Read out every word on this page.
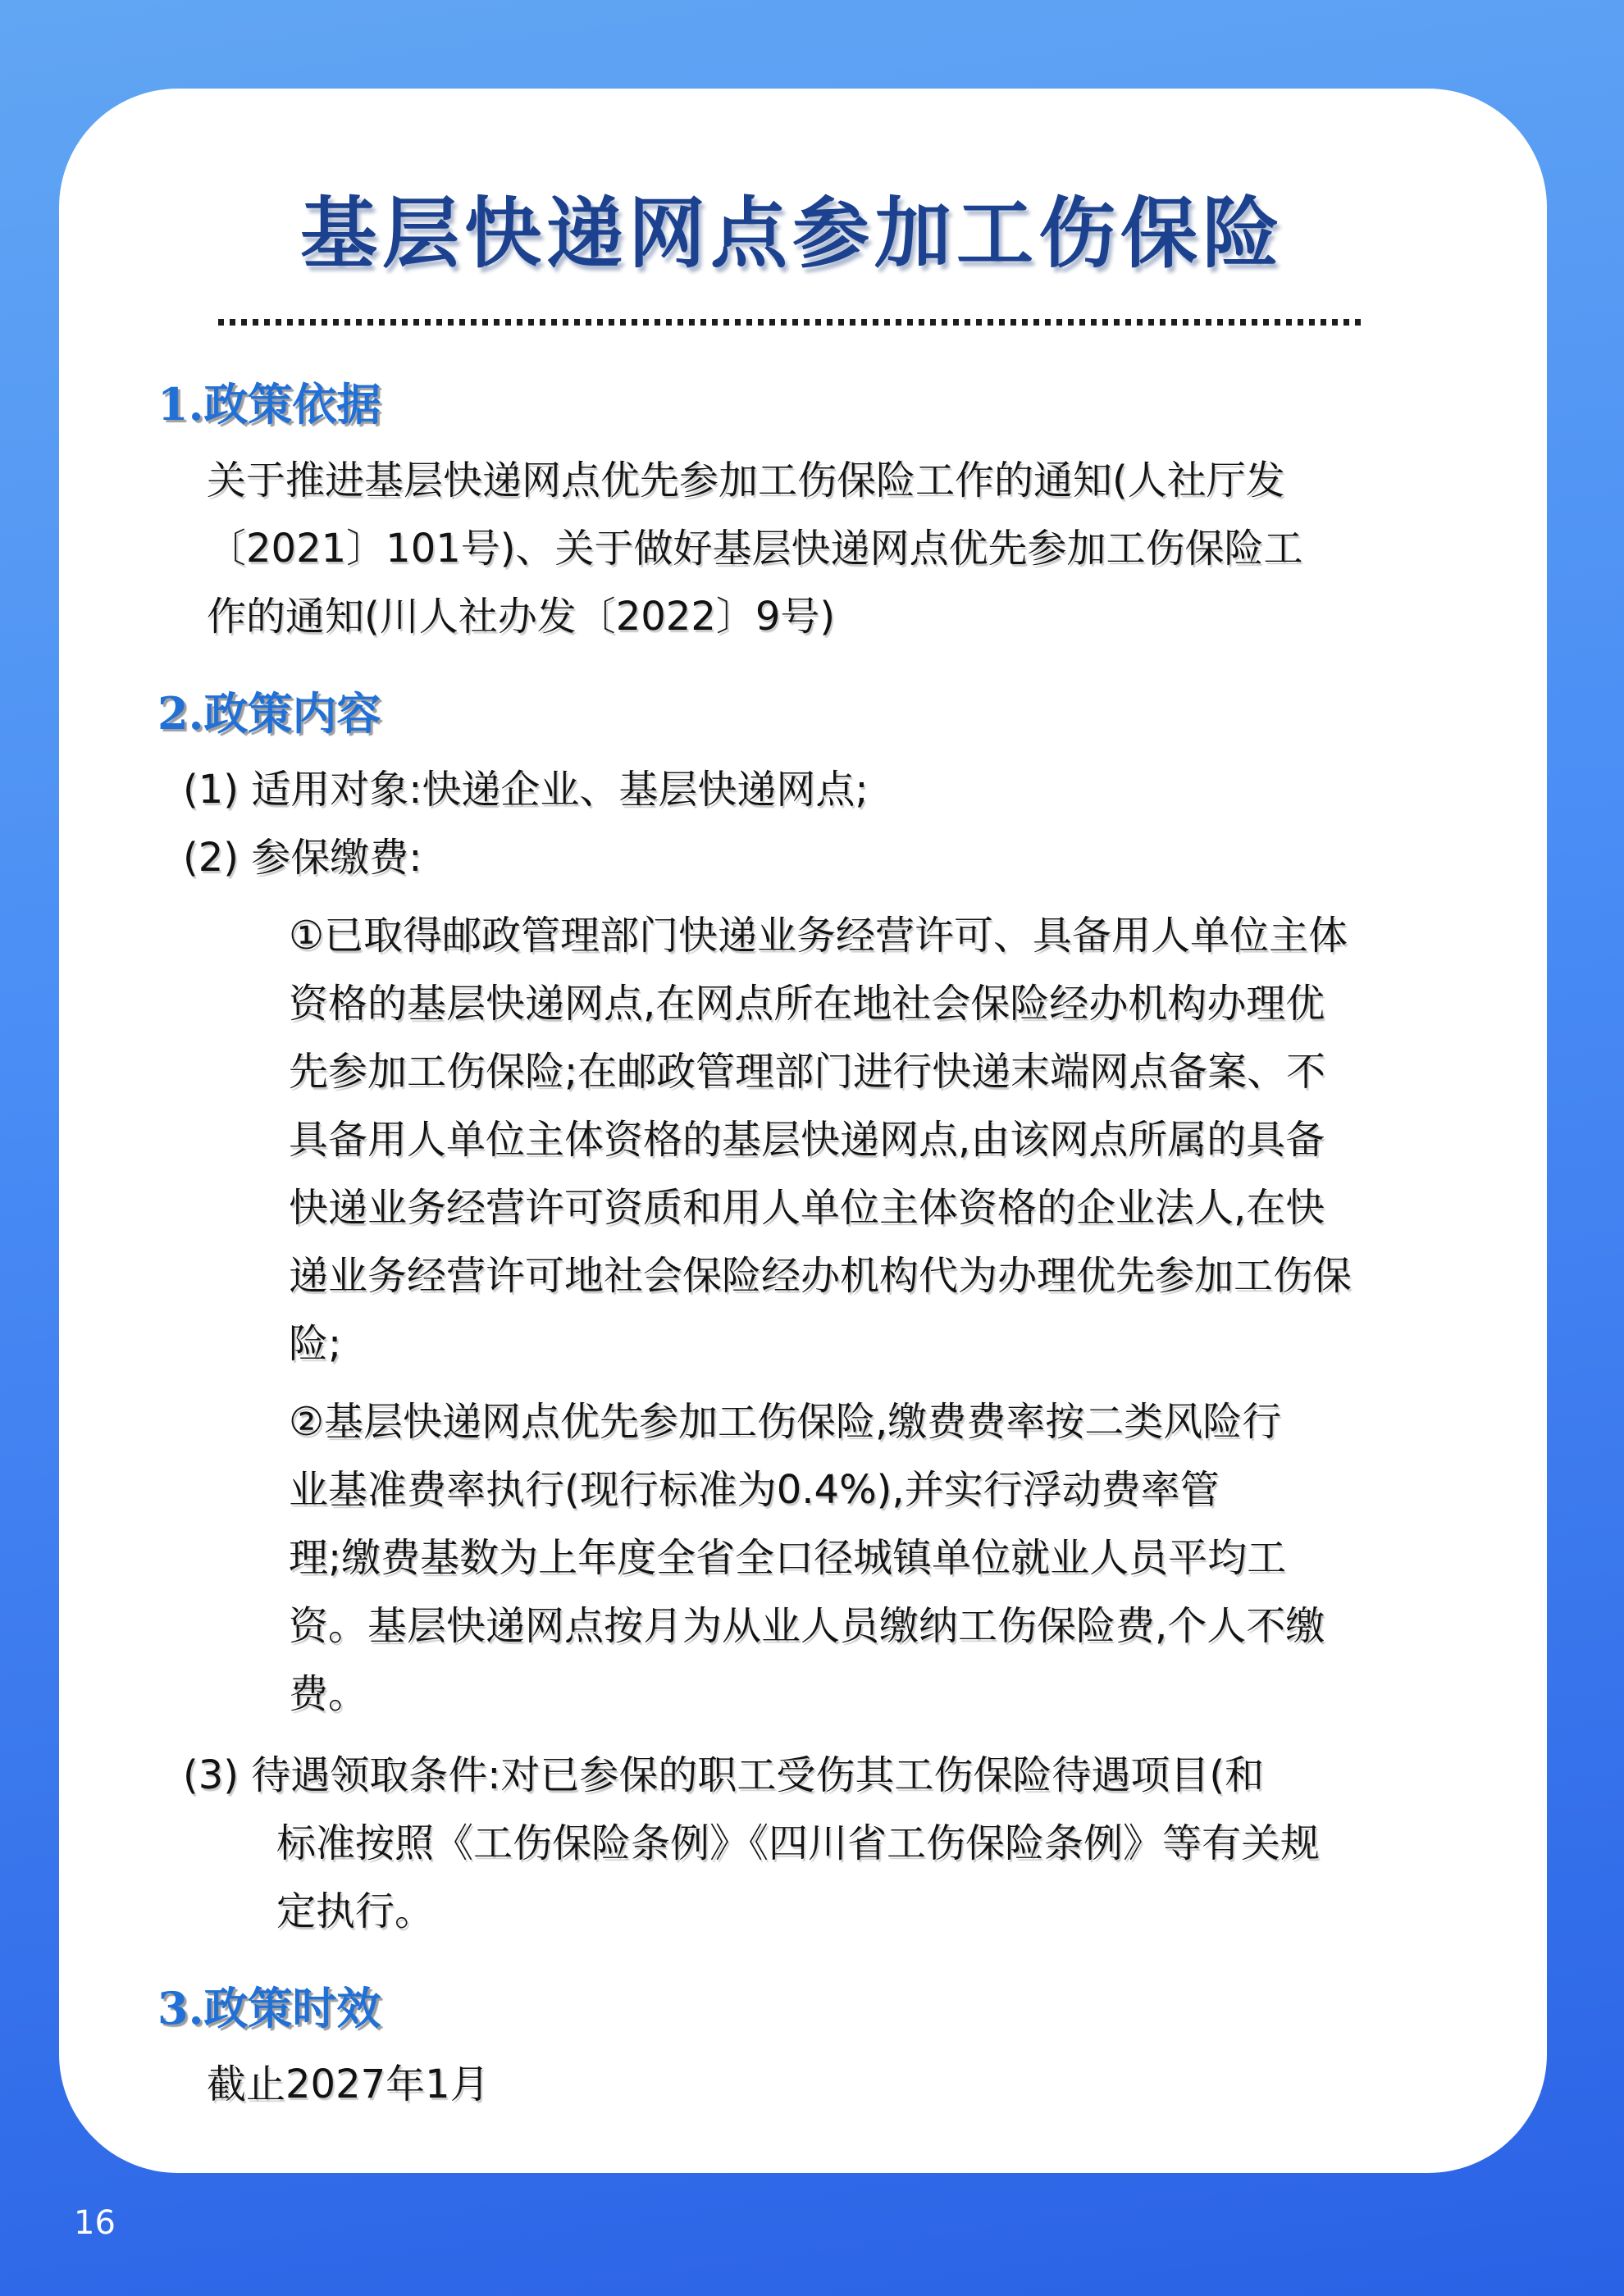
基层快递网点参加工伤保险
1.政策依据
关于推进基层快递网点优先参加工伤保险工作的通知(人社厅发
〔2021〕101号)、关于做好基层快递网点优先参加工伤保险工
作的通知(川人社办发〔2022〕9号)
2.政策内容
(1) 适用对象:快递企业、基层快递网点;
(2) 参保缴费:
①已取得邮政管理部门快递业务经营许可、具备用人单位主体
资格的基层快递网点,在网点所在地社会保险经办机构办理优
先参加工伤保险;在邮政管理部门进行快递末端网点备案、不
具备用人单位主体资格的基层快递网点,由该网点所属的具备
快递业务经营许可资质和用人单位主体资格的企业法人,在快
递业务经营许可地社会保险经办机构代为办理优先参加工伤保
险;
②基层快递网点优先参加工伤保险,缴费费率按二类风险行
业基准费率执行(现行标准为0.4%),并实行浮动费率管
理;缴费基数为上年度全省全口径城镇单位就业人员平均工
资。基层快递网点按月为从业人员缴纳工伤保险费,个人不缴
费。
(3) 待遇领取条件:对已参保的职工受伤其工伤保险待遇项目(和
标准按照《工伤保险条例》《四川省工伤保险条例》等有关规
定执行。
3.政策时效
截止2027年1月
16
